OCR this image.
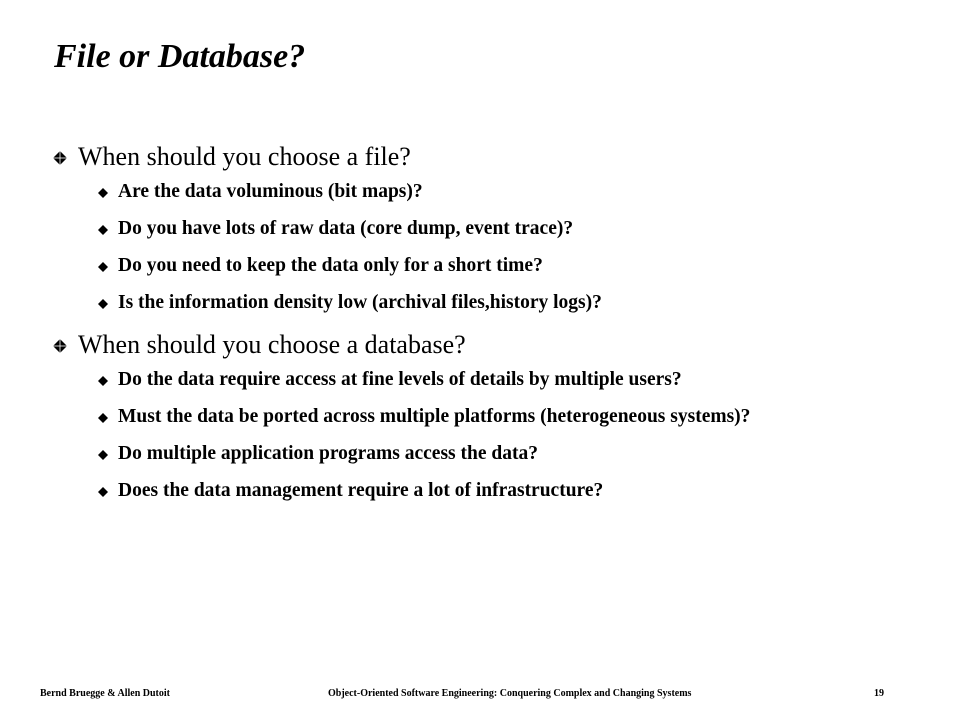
File or Database?
When should you choose a file?
Are the data voluminous (bit maps)?
Do you have lots of raw data (core dump, event trace)?
Do you need to keep the data only for a short time?
Is the information density low (archival files,history logs)?
When should you choose a database?
Do the data require access at fine levels of details by multiple users?
Must the data be ported across multiple platforms (heterogeneous systems)?
Do multiple application programs access the data?
Does the data management require a lot of infrastructure?
Bernd Bruegge & Allen Dutoit	Object-Oriented Software Engineering: Conquering Complex and Changing Systems	19
